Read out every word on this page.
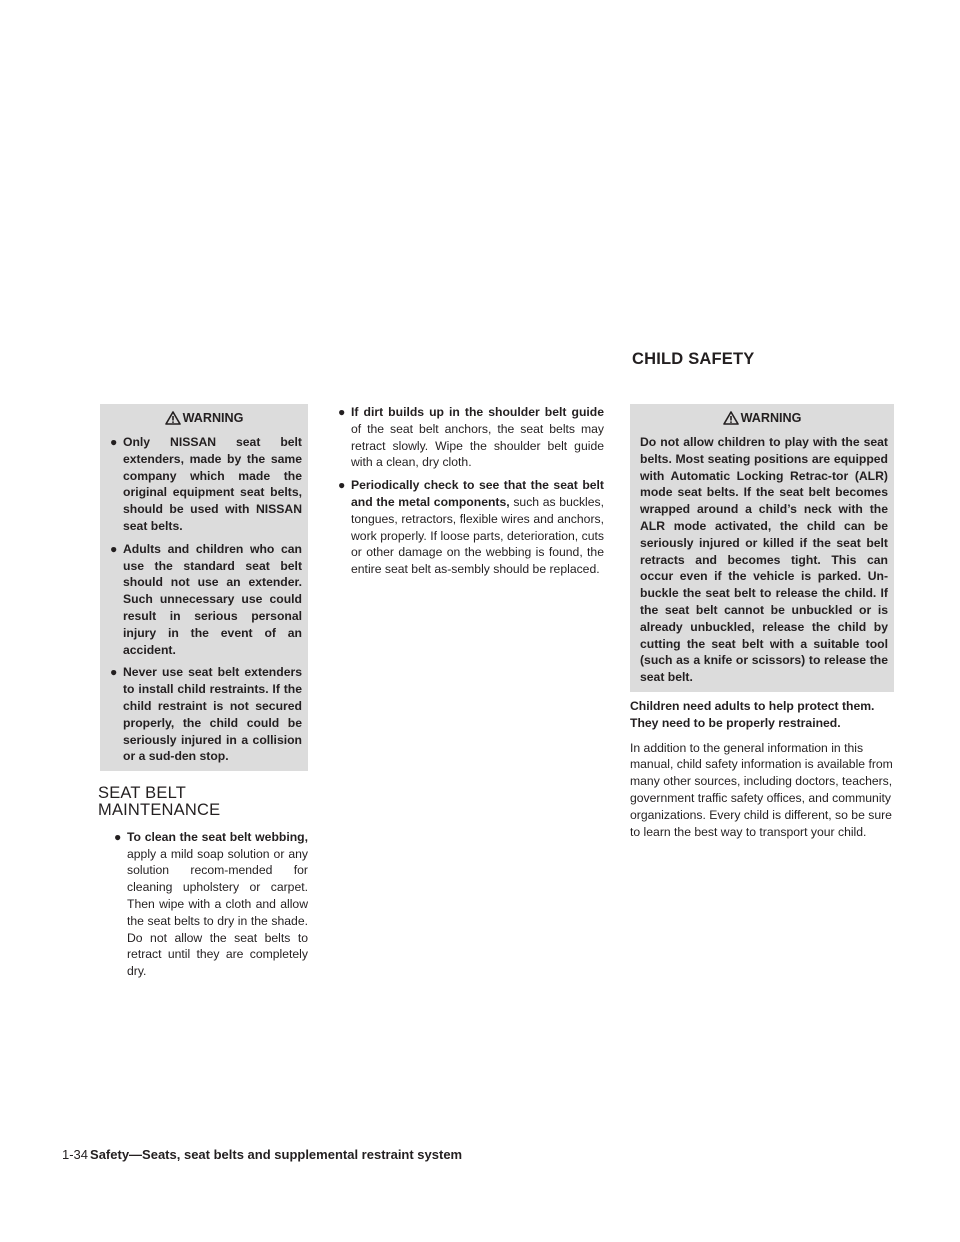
CHILD SAFETY
WARNING
● Only NISSAN seat belt extenders, made by the same company which made the original equipment seat belts, should be used with NISSAN seat belts.
● Adults and children who can use the standard seat belt should not use an extender. Such unnecessary use could result in serious personal injury in the event of an accident.
● Never use seat belt extenders to install child restraints. If the child restraint is not secured properly, the child could be seriously injured in a collision or a sud-den stop.
SEAT BELT MAINTENANCE
● To clean the seat belt webbing, apply a mild soap solution or any solution recom-mended for cleaning upholstery or carpet. Then wipe with a cloth and allow the seat belts to dry in the shade. Do not allow the seat belts to retract until they are completely dry.
● If dirt builds up in the shoulder belt guide of the seat belt anchors, the seat belts may retract slowly. Wipe the shoulder belt guide with a clean, dry cloth.
● Periodically check to see that the seat belt and the metal components, such as buckles, tongues, retractors, flexible wires and anchors, work properly. If loose parts, deterioration, cuts or other damage on the webbing is found, the entire seat belt as-sembly should be replaced.
WARNING
Do not allow children to play with the seat belts. Most seating positions are equipped with Automatic Locking Retrac-tor (ALR) mode seat belts. If the seat belt becomes wrapped around a child’s neck with the ALR mode activated, the child can be seriously injured or killed if the seat belt retracts and becomes tight. This can occur even if the vehicle is parked. Un-buckle the seat belt to release the child. If the seat belt cannot be unbuckled or is already unbuckled, release the child by cutting the seat belt with a suitable tool (such as a knife or scissors) to release the seat belt.
Children need adults to help protect them. They need to be properly restrained.
In addition to the general information in this manual, child safety information is available from many other sources, including doctors, teachers, government traffic safety offices, and community organizations. Every child is different, so be sure to learn the best way to transport your child.
1-34 Safety—Seats, seat belts and supplemental restraint system
